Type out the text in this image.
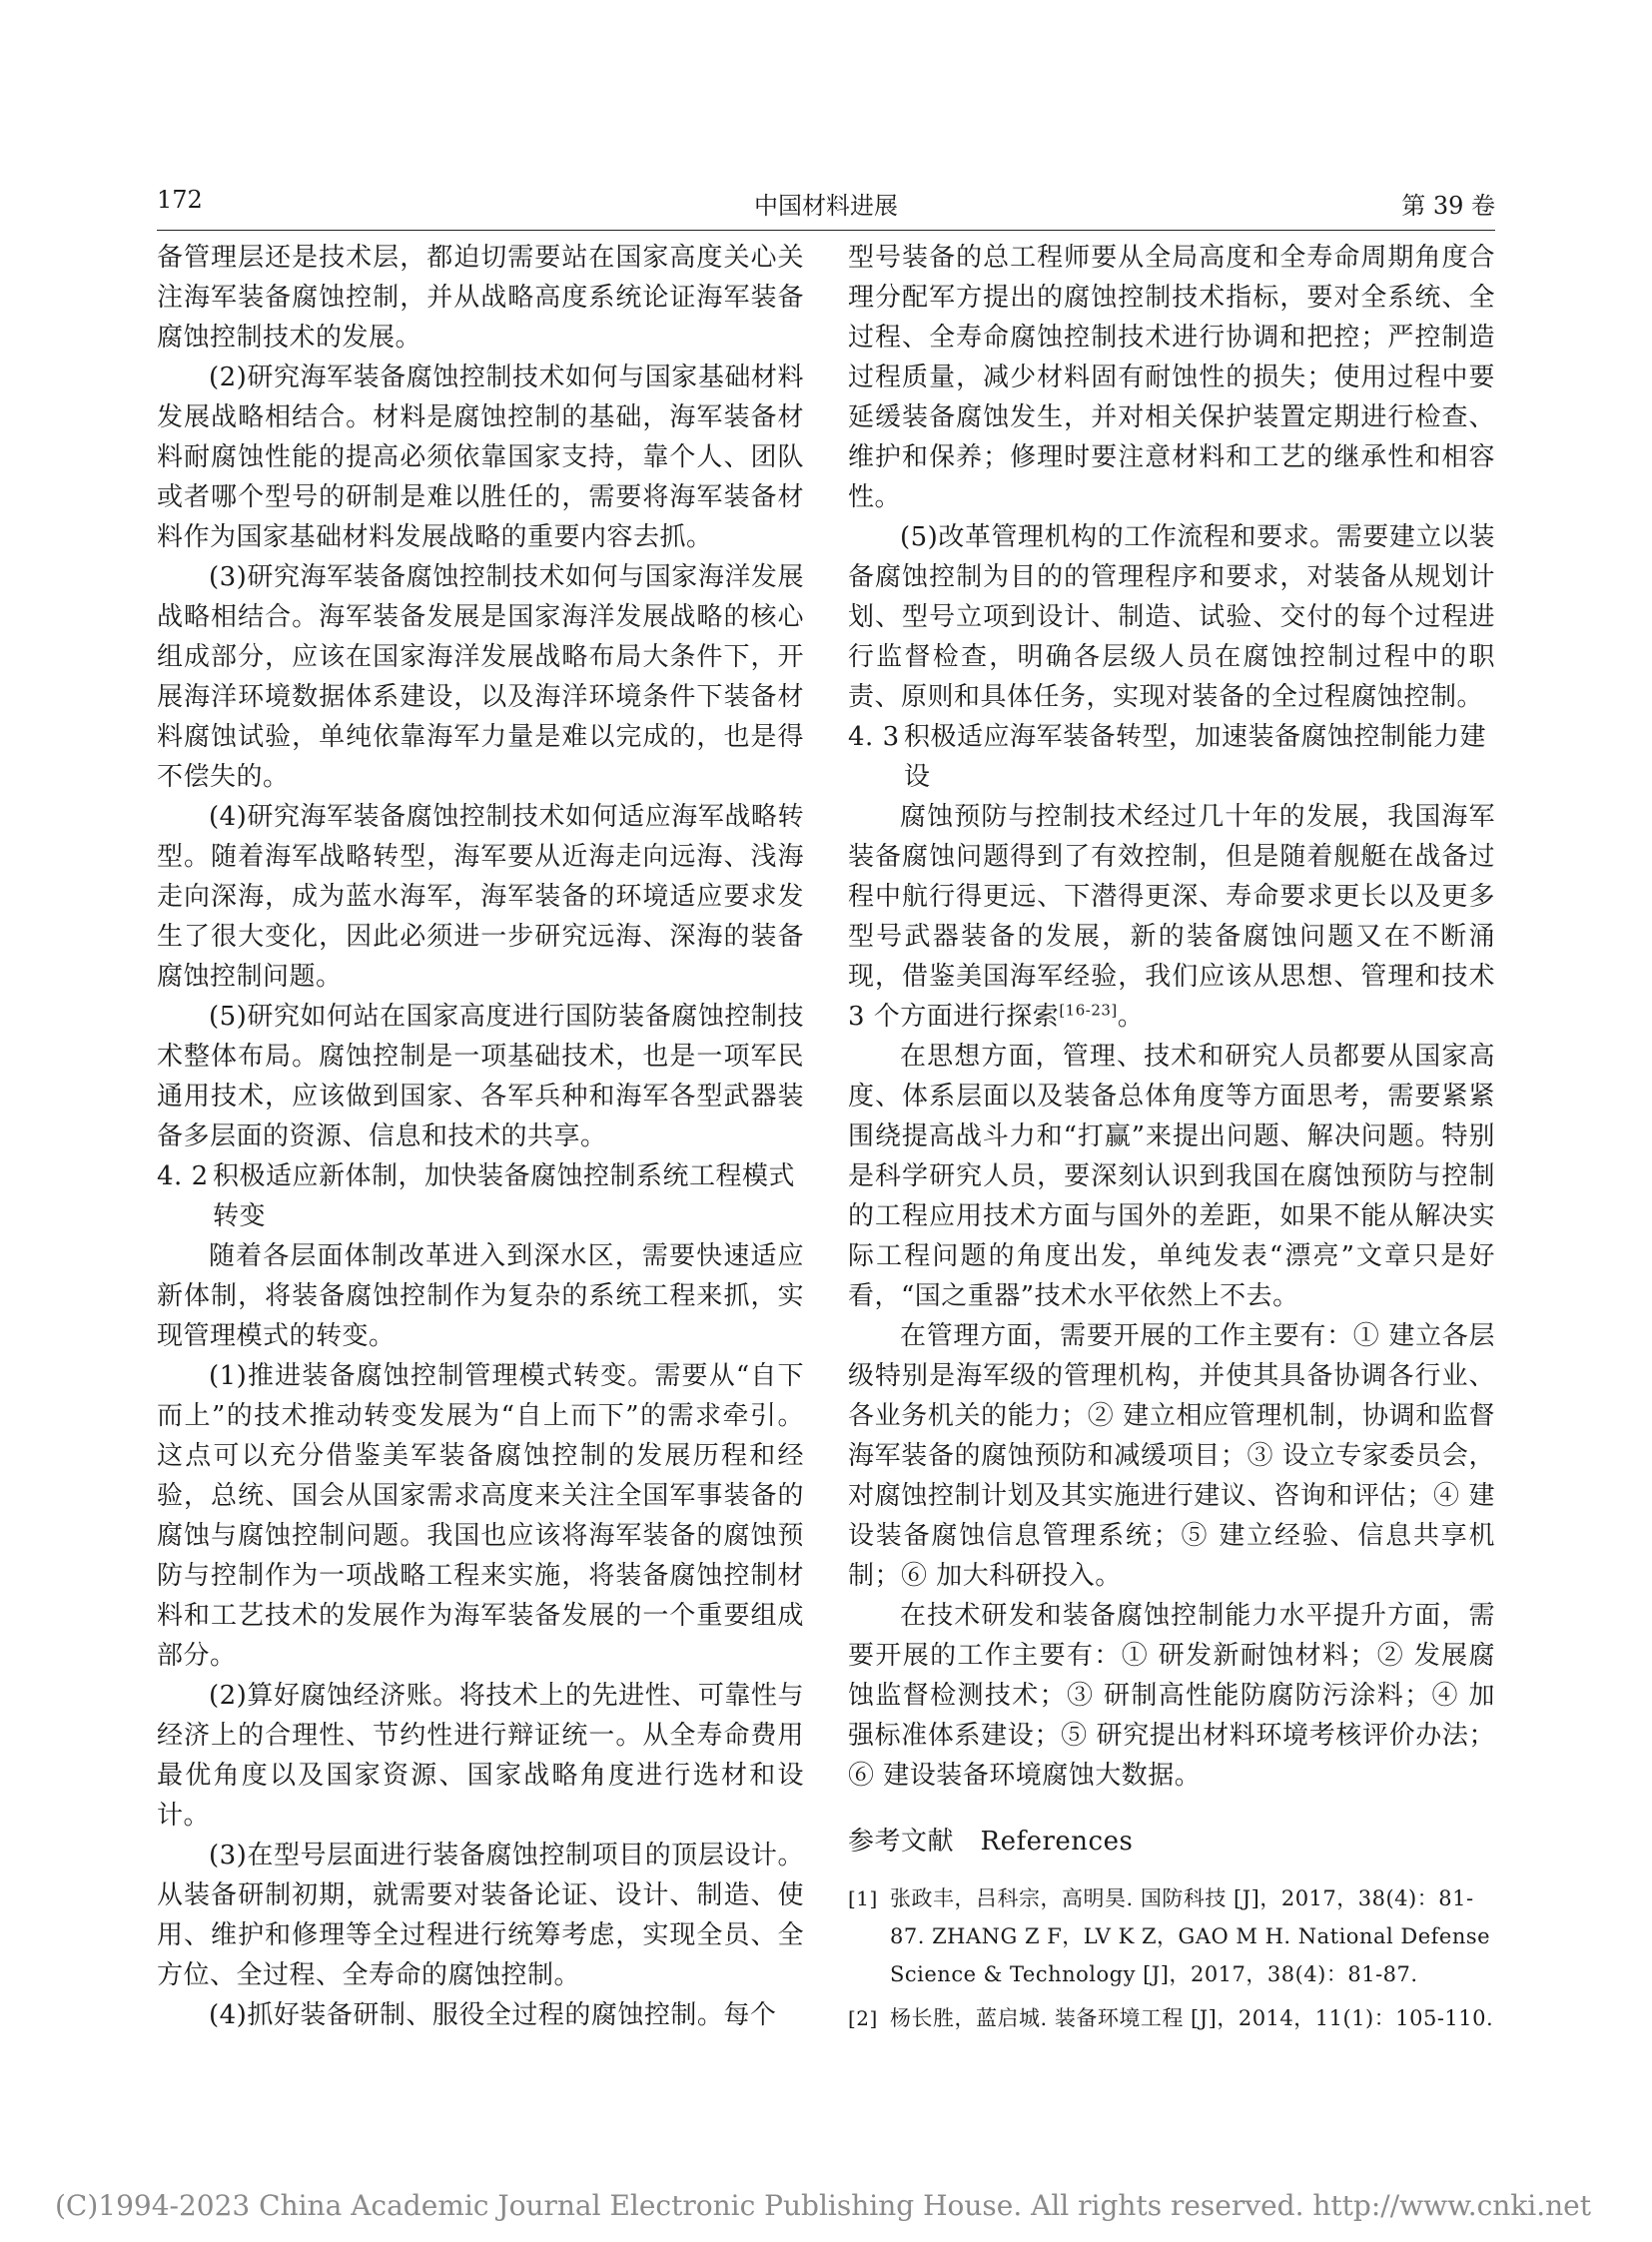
172	中国材料进展	第 39 卷

备管理层还是技术层，都迫切需要站在国家高度关心关注海军装备腐蚀控制，并从战略高度系统论证海军装备腐蚀控制技术的发展。

(2)研究海军装备腐蚀控制技术如何与国家基础材料发展战略相结合。材料是腐蚀控制的基础，海军装备材料耐腐蚀性能的提高必须依靠国家支持，靠个人、团队或者哪个型号的研制是难以胜任的，需要将海军装备材料作为国家基础材料发展战略的重要内容去抓。

(3)研究海军装备腐蚀控制技术如何与国家海洋发展战略相结合。海军装备发展是国家海洋发展战略的核心组成部分，应该在国家海洋发展战略布局大条件下，开展海洋环境数据体系建设，以及海洋环境条件下装备材料腐蚀试验，单纯依靠海军力量是难以完成的，也是得不偿失的。

(4)研究海军装备腐蚀控制技术如何适应海军战略转型。随着海军战略转型，海军要从近海走向远海、浅海走向深海，成为蓝水海军，海军装备的环境适应要求发生了很大变化，因此必须进一步研究远海、深海的装备腐蚀控制问题。

(5)研究如何站在国家高度进行国防装备腐蚀控制技术整体布局。腐蚀控制是一项基础技术，也是一项军民通用技术，应该做到国家、各军兵种和海军各型武器装备多层面的资源、信息和技术的共享。

4. 2 积极适应新体制，加快装备腐蚀控制系统工程模式转变

随着各层面体制改革进入到深水区，需要快速适应新体制，将装备腐蚀控制作为复杂的系统工程来抓，实现管理模式的转变。

(1)推进装备腐蚀控制管理模式转变。需要从“自下而上”的技术推动转变发展为“自上而下”的需求牵引。这点可以充分借鉴美军装备腐蚀控制的发展历程和经验，总统、国会从国家需求高度来关注全国军事装备的腐蚀与腐蚀控制问题。我国也应该将海军装备的腐蚀预防与控制作为一项战略工程来实施，将装备腐蚀控制材料和工艺技术的发展作为海军装备发展的一个重要组成部分。

(2)算好腐蚀经济账。将技术上的先进性、可靠性与经济上的合理性、节约性进行辩证统一。从全寿命费用最优角度以及国家资源、国家战略角度进行选材和设计。

(3)在型号层面进行装备腐蚀控制项目的顶层设计。从装备研制初期，就需要对装备论证、设计、制造、使用、维护和修理等全过程进行统筹考虑，实现全员、全方位、全过程、全寿命的腐蚀控制。

(4)抓好装备研制、服役全过程的腐蚀控制。每个

型号装备的总工程师要从全局高度和全寿命周期角度合理分配军方提出的腐蚀控制技术指标，要对全系统、全过程、全寿命腐蚀控制技术进行协调和把控；严控制造过程质量，减少材料固有耐蚀性的损失；使用过程中要延缓装备腐蚀发生，并对相关保护装置定期进行检查、维护和保养；修理时要注意材料和工艺的继承性和相容性。

(5)改革管理机构的工作流程和要求。需要建立以装备腐蚀控制为目的的管理程序和要求，对装备从规划计划、型号立项到设计、制造、试验、交付的每个过程进行监督检查，明确各层级人员在腐蚀控制过程中的职责、原则和具体任务，实现对装备的全过程腐蚀控制。

4. 3 积极适应海军装备转型，加速装备腐蚀控制能力建设

腐蚀预防与控制技术经过几十年的发展，我国海军装备腐蚀问题得到了有效控制，但是随着舰艇在战备过程中航行得更远、下潜得更深、寿命要求更长以及更多型号武器装备的发展，新的装备腐蚀问题又在不断涌现，借鉴美国海军经验，我们应该从思想、管理和技术 3 个方面进行探索[16-23]。

在思想方面，管理、技术和研究人员都要从国家高度、体系层面以及装备总体角度等方面思考，需要紧紧围绕提高战斗力和“打赢”来提出问题、解决问题。特别是科学研究人员，要深刻认识到我国在腐蚀预防与控制的工程应用技术方面与国外的差距，如果不能从解决实际工程问题的角度出发，单纯发表“漂亮”文章只是好看，“国之重器”技术水平依然上不去。

在管理方面，需要开展的工作主要有：① 建立各层级特别是海军级的管理机构，并使其具备协调各行业、各业务机关的能力；② 建立相应管理机制，协调和监督海军装备的腐蚀预防和减缓项目；③ 设立专家委员会，对腐蚀控制计划及其实施进行建议、咨询和评估；④ 建设装备腐蚀信息管理系统；⑤ 建立经验、信息共享机制；⑥ 加大科研投入。

在技术研发和装备腐蚀控制能力水平提升方面，需要开展的工作主要有：① 研发新耐蚀材料；② 发展腐蚀监督检测技术；③ 研制高性能防腐防污涂料；④ 加强标准体系建设；⑤ 研究提出材料环境考核评价办法；⑥ 建设装备环境腐蚀大数据。

参考文献　References

[1] 张政丰，吕科宗，高明昊. 国防科技 [J]，2017，38(4)：81-87. ZHANG Z F，LV K Z，GAO M H. National Defense Science & Technology [J]，2017，38(4)：81-87.
[2] 杨长胜，蓝启城. 装备环境工程 [J]，2014，11(1)：105-110.
(C)1994-2023 China Academic Journal Electronic Publishing House. All rights reserved. http://www.cnki.net
